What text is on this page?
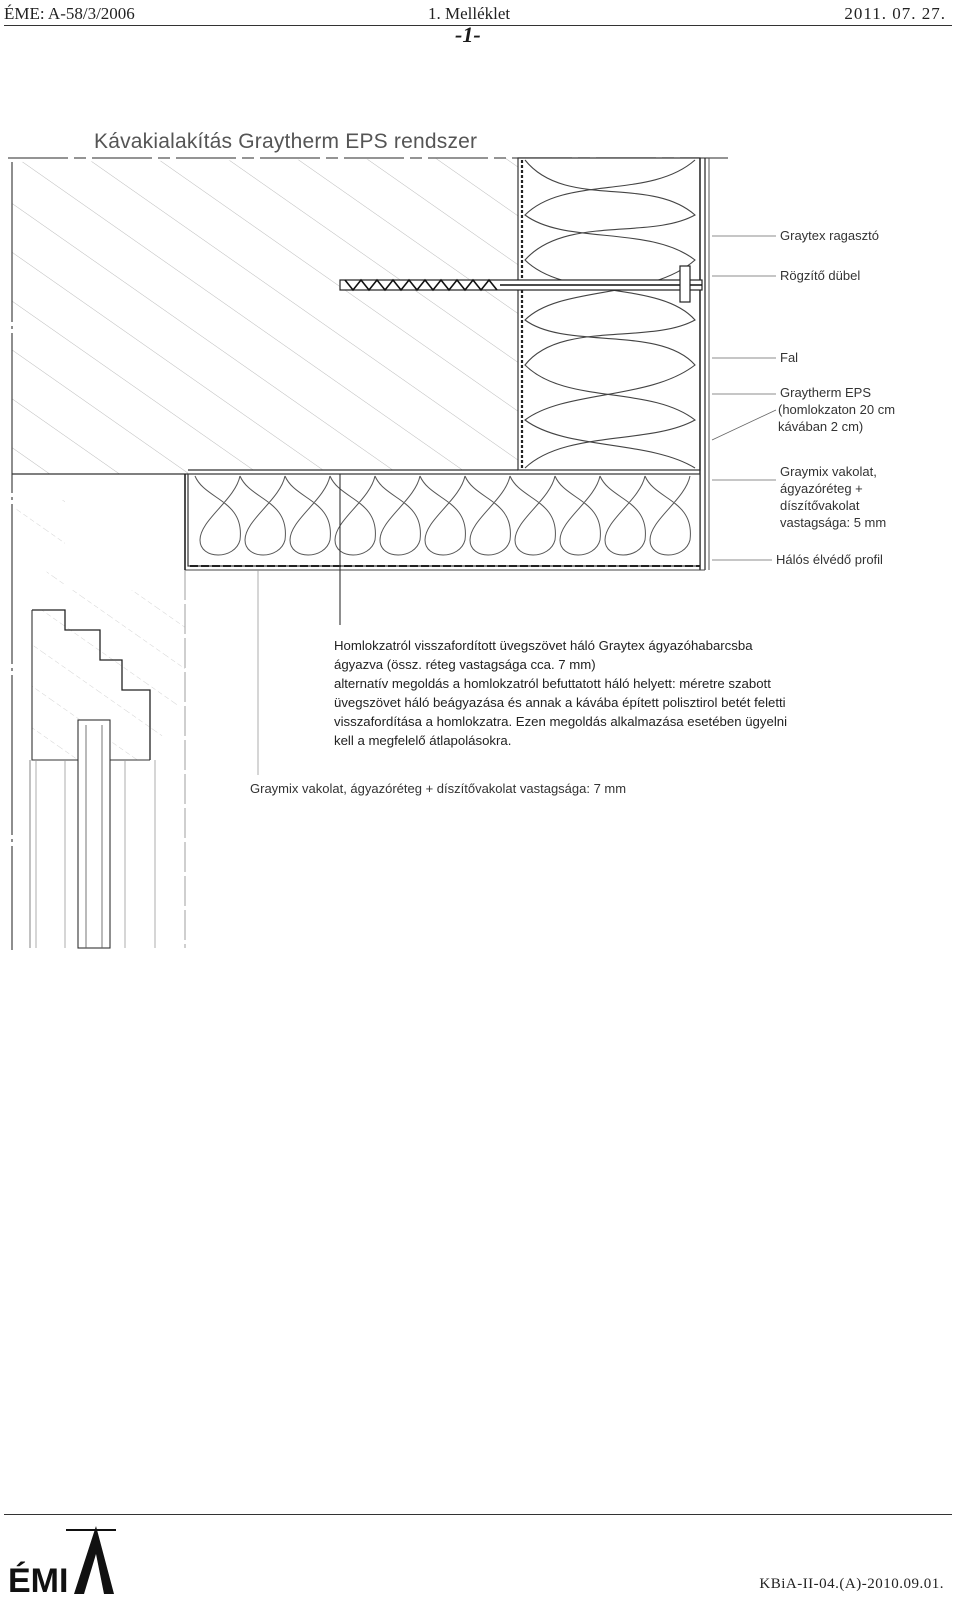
ÉME: A-58/3/2006	1. Melléklet	2011. 07. 27.
-1-
Kávakialakítás Graytherm EPS rendszer
Graytex ragasztó
Rögzítő dübel
Fal
Graytherm EPS
(homlokzaton 20 cm
kávában 2 cm)
Graymix vakolat,
ágyazóréteg +
díszítővakolat
vastagsága: 5 mm
Hálós élvédő profil
Homlokzatról visszafordított üvegszövet háló Graytex ágyazóhabarcsba
ágyazva (össz. réteg vastagsága cca. 7 mm)
alternatív megoldás a homlokzatról befuttatott háló helyett: méretre szabott
üvegszövet háló beágyazása és annak a kávába épített polisztirol betét feletti
visszafordítása a homlokzatra. Ezen megoldás alkalmazása esetében ügyelni
kell a megfelelő átlapolásokra.
Graymix vakolat, ágyazóréteg + díszítővakolat vastagsága: 7 mm
ÉMI	KBiA-II-04.(A)-2010.09.01.
